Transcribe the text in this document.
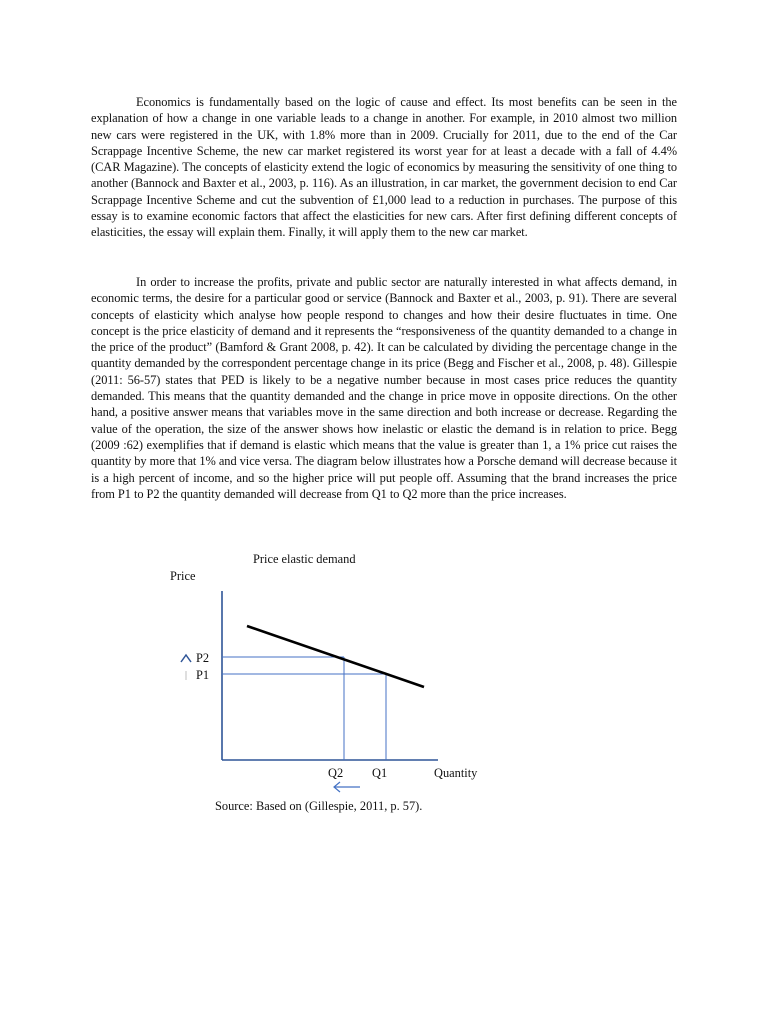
Economics is fundamentally based on the logic of cause and effect. Its most benefits can be seen in the explanation of how a change in one variable leads to a change in another. For example, in 2010 almost two million new cars were registered in the UK, with 1.8% more than in 2009. Crucially for 2011, due to the end of the Car Scrappage Incentive Scheme, the new car market registered its worst year for at least a decade with a fall of 4.4% (CAR Magazine). The concepts of elasticity extend the logic of economics by measuring the sensitivity of one thing to another (Bannock and Baxter et al., 2003, p. 116). As an illustration, in car market, the government decision to end Car Scrappage Incentive Scheme and cut the subvention of £1,000 lead to a reduction in purchases. The purpose of this essay is to examine economic factors that affect the elasticities for new cars. After first defining different concepts of elasticities, the essay will explain them. Finally, it will apply them to the new car market.

In order to increase the profits, private and public sector are naturally interested in what affects demand, in economic terms, the desire for a particular good or service (Bannock and Baxter et al., 2003, p. 91). There are several concepts of elasticity which analyse how people respond to changes and how their desire fluctuates in time. One concept is the price elasticity of demand and it represents the “responsiveness of the quantity demanded to a change in the price of the product” (Bamford & Grant 2008, p. 42). It can be calculated by dividing the percentage change in the quantity demanded by the correspondent percentage change in its price (Begg and Fischer et al., 2008, p. 48). Gillespie (2011: 56-57) states that PED is likely to be a negative number because in most cases price reduces the quantity demanded. This means that the quantity demanded and the change in price move in opposite directions. On the other hand, a positive answer means that variables move in the same direction and both increase or decrease. Regarding the value of the operation, the size of the answer shows how inelastic or elastic the demand is in relation to price. Begg (2009 :62) exemplifies that if demand is elastic which means that the value is greater than 1, a 1% price cut raises the quantity by more that 1% and vice versa. The diagram below illustrates how a Porsche demand will decrease because it is a high percent of income, and so the higher price will put people off. Assuming that the brand increases the price from P1 to P2 the quantity demanded will decrease from Q1 to Q2 more than the price increases.

Price elastic demand
Price
P2
P1
Q2 Q1	Quantity
Source: Based on (Gillespie, 2011, p. 57).
